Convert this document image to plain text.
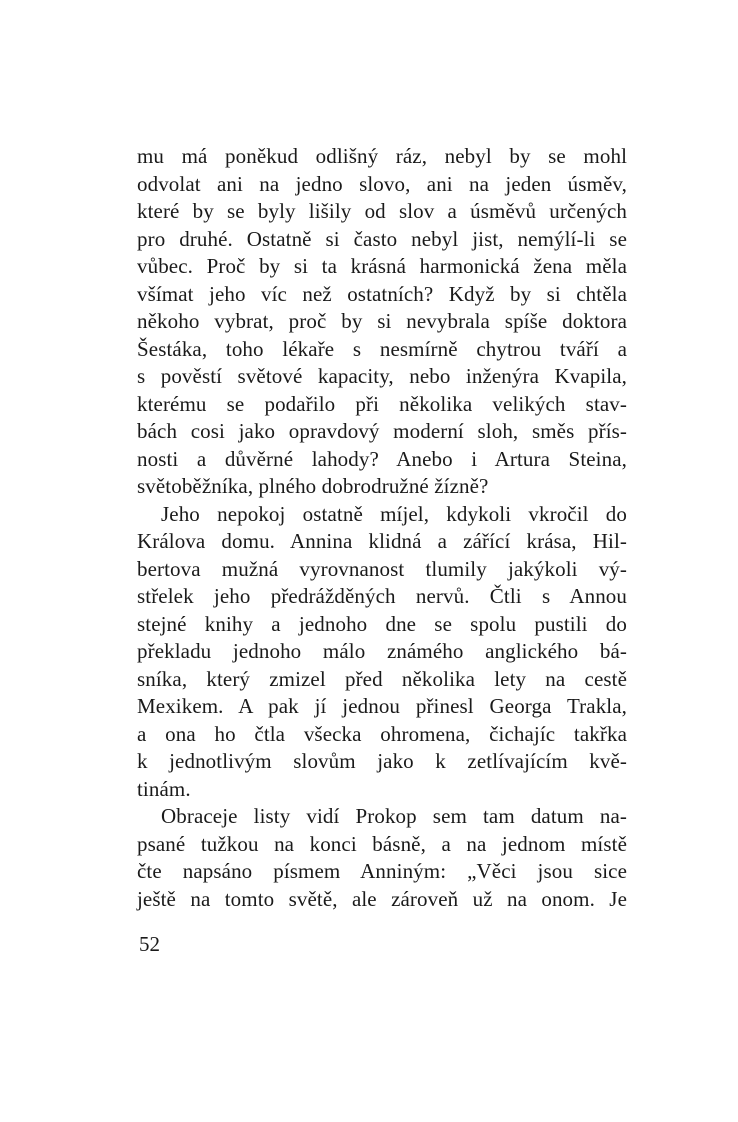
mu má poněkud odlišný ráz, nebyl by se mohl
odvolat ani na jedno slovo, ani na jeden úsměv,
které by se byly lišily od slov a úsměvů určených
pro druhé. Ostatně si často nebyl jist, nemýlí-li se
vůbec. Proč by si ta krásná harmonická žena měla
všímat jeho víc než ostatních? Když by si chtěla
někoho vybrat, proč by si nevybrala spíše doktora
Šestáka, toho lékaře s nesmírně chytrou tváří a
s pověstí světové kapacity, nebo inženýra Kvapila,
kterému se podařilo při několika velikých stav-
bách cosi jako opravdový moderní sloh, směs přís-
nosti a důvěrné lahody? Anebo i Artura Steina,
světoběžníka, plného dobrodružné žízně?
Jeho nepokoj ostatně míjel, kdykoli vkročil do
Králova domu. Annina klidná a zářící krása, Hil-
bertova mužná vyrovnanost tlumily jakýkoli vý-
střelek jeho předrážděných nervů. Čtli s Annou
stejné knihy a jednoho dne se spolu pustili do
překladu jednoho málo známého anglického bá-
sníka, který zmizel před několika lety na cestě
Mexikem. A pak jí jednou přinesl Georga Trakla,
a ona ho čtla všecka ohromena, čichajíc takřka
k jednotlivým slovům jako k zetlívajícím kvě-
tinám.
Obraceje listy vidí Prokop sem tam datum na-
psané tužkou na konci básně, a na jednom místě
čte napsáno písmem Anniným: „Věci jsou sice
ještě na tomto světě, ale zároveň už na onom. Je
52
